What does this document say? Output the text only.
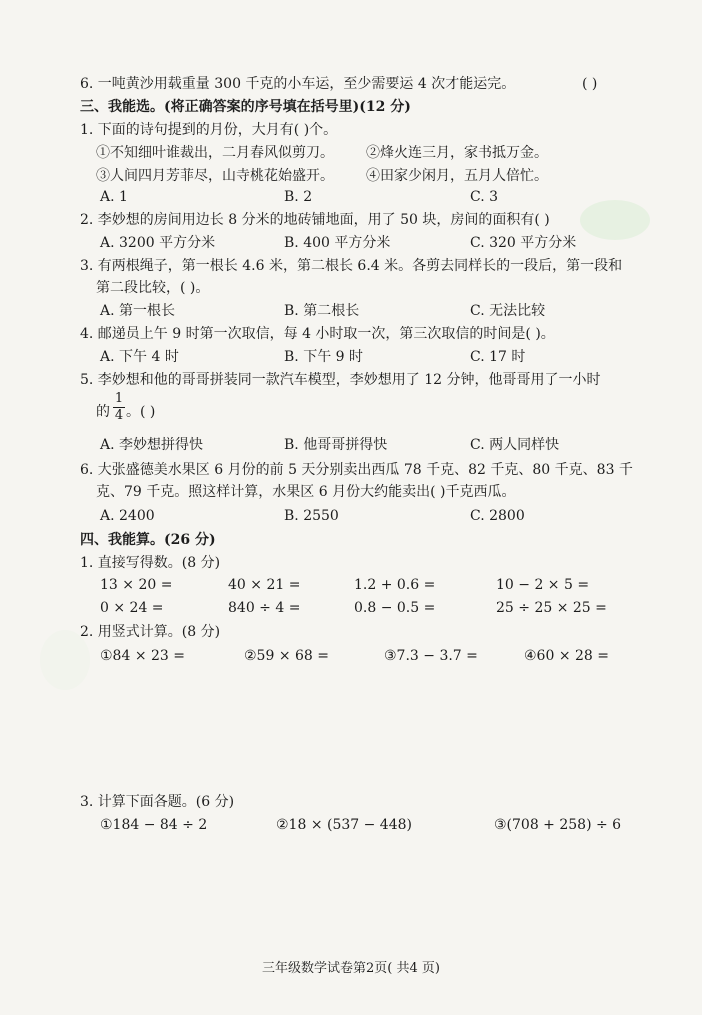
6. 一吨黄沙用载重量 300 千克的小车运，至少需要运 4 次才能运完。	( )
三、我能选。(将正确答案的序号填在括号里)(12 分)
1. 下面的诗句提到的月份，大月有( )个。
①不知细叶谁裁出，二月春风似剪刀。 ②烽火连三月，家书抵万金。
③人间四月芳菲尽，山寺桃花始盛开。 ④田家少闲月，五月人倍忙。
A. 1	B. 2	C. 3
2. 李妙想的房间用边长 8 分米的地砖铺地面，用了 50 块，房间的面积有( )
A. 3200 平方分米	B. 400 平方分米	C. 320 平方分米
3. 有两根绳子，第一根长 4.6 米，第二根长 6.4 米。各剪去同样长的一段后，第一段和
第二段比较，( )。
A. 第一根长	B. 第二根长	C. 无法比较
4. 邮递员上午 9 时第一次取信，每 4 小时取一次，第三次取信的时间是( )。
A. 下午 4 时	B. 下午 9 时	C. 17 时
5. 李妙想和他的哥哥拼装同一款汽车模型，李妙想用了 12 分钟，他哥哥用了一小时
的
1
4 。( )
A. 李妙想拼得快	B. 他哥哥拼得快	C. 两人同样快
6. 大张盛德美水果区 6 月份的前 5 天分别卖出西瓜 78 千克、82 千克、80 千克、83 千
克、79 千克。照这样计算，水果区 6 月份大约能卖出( )千克西瓜。
A. 2400	B. 2550	C. 2800
四、我能算。(26 分)
1. 直接写得数。(8 分)
13 × 20 =	40 × 21 =	1.2 + 0.6 =	10 − 2 × 5 =
0 × 24 =	840 ÷ 4 =	0.8 − 0.5 =	25 ÷ 25 × 25 =
2. 用竖式计算。(8 分)
①84 × 23 =	②59 × 68 =	③7.3 − 3.7 =	④60 × 28 =
3. 计算下面各题。(6 分)
①184 − 84 ÷ 2	②18 × (537 − 448)	③(708 + 258) ÷ 6
三年级数学试卷第2页( 共4 页)
